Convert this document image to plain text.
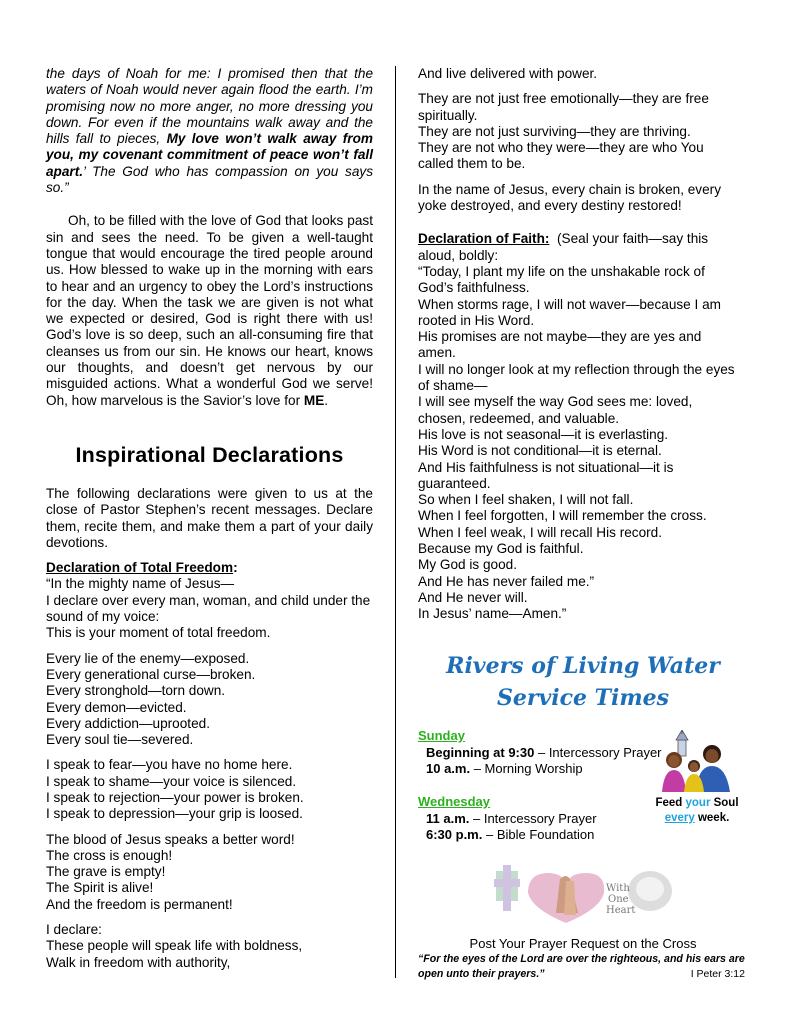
the days of Noah for me: I promised then that the waters of Noah would never again flood the earth. I’m promising now no more anger, no more dressing you down. For even if the mountains walk away and the hills fall to pieces, My love won’t walk away from you, my covenant commitment of peace won’t fall apart.’ The God who has compassion on you says so.”

Oh, to be filled with the love of God that looks past sin and sees the need. To be given a well-taught tongue that would encourage the tired people around us. How blessed to wake up in the morning with ears to hear and an urgency to obey the Lord’s instructions for the day. When the task we are given is not what we expected or desired, God is right there with us! God’s love is so deep, such an all-consuming fire that cleanses us from our sin. He knows our heart, knows our thoughts, and doesn’t get nervous by our misguided actions. What a wonderful God we serve! Oh, how marvelous is the Savior’s love for ME.

Inspirational Declarations

The following declarations were given to us at the close of Pastor Stephen’s recent messages. Declare them, recite them, and make them a part of your daily devotions.

Declaration of Total Freedom:

“In the mighty name of Jesus—

I declare over every man, woman, and child under the sound of my voice:

This is your moment of total freedom.

Every lie of the enemy—exposed.

Every generational curse—broken.

Every stronghold—torn down.

Every demon—evicted.

Every addiction—uprooted.

Every soul tie—severed.

I speak to fear—you have no home here.

I speak to shame—your voice is silenced.

I speak to rejection—your power is broken.

I speak to depression—your grip is loosed.

The blood of Jesus speaks a better word!

The cross is enough!

The grave is empty!

The Spirit is alive!

And the freedom is permanent!

I declare:

These people will speak life with boldness,

Walk in freedom with authority,

And live delivered with power.

They are not just free emotionally—they are free spiritually.

They are not just surviving—they are thriving.

They are not who they were—they are who You called them to be.

In the name of Jesus, every chain is broken, every yoke destroyed, and every destiny restored!

Declaration of Faith: (Seal your faith—say this aloud, boldly:

“Today, I plant my life on the unshakable rock of God’s faithfulness.

When storms rage, I will not waver—because I am rooted in His Word.

His promises are not maybe—they are yes and amen.

I will no longer look at my reflection through the eyes of shame—

I will see myself the way God sees me: loved, chosen, redeemed, and valuable.

His love is not seasonal—it is everlasting.

His Word is not conditional—it is eternal.

And His faithfulness is not situational—it is guaranteed.

So when I feel shaken, I will not fall.

When I feel forgotten, I will remember the cross.

When I feel weak, I will recall His record.

Because my God is faithful.

My God is good.

And He has never failed me.”

And He never will.

In Jesus’ name—Amen.”

Rivers of Living Water
Service Times
Sunday
Beginning at 9:30 – Intercessory Prayer
10 a.m. – Morning Worship
Wednesday
11 a.m. – Intercessory Prayer
6:30 p.m. – Bible Foundation
Feed your Soul
every week.
With
One
Heart
Post Your Prayer Request on the Cross
“For the eyes of the Lord are over the righteous, and his ears are open unto their prayers.”	I Peter 3:12
